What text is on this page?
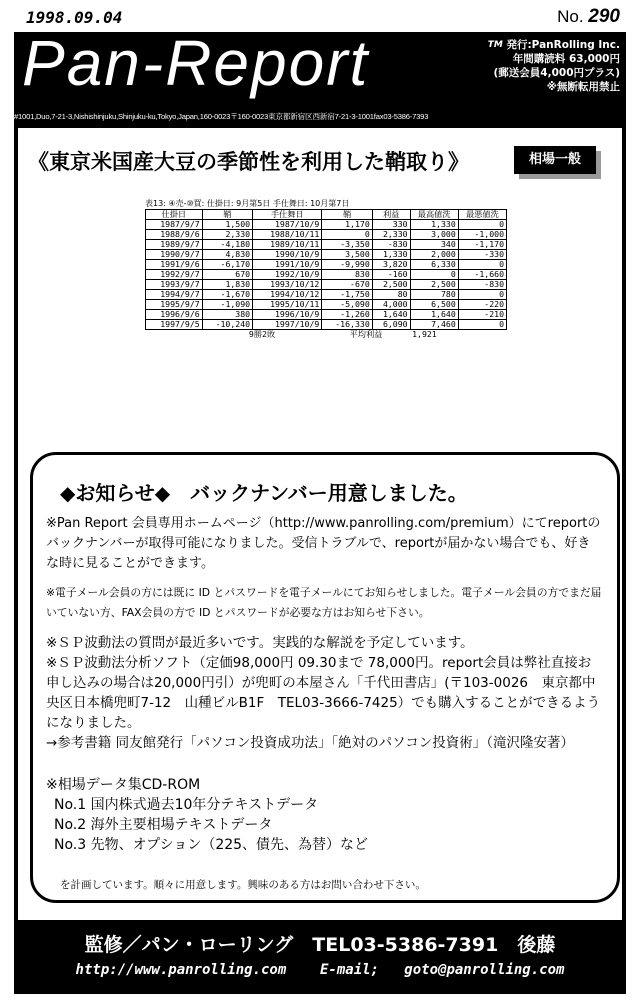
1998.09.04	No. 290
Pan-Report	TM 発行:PanRolling Inc.
年間購読料 63,000円
(郵送会員4,000円プラス)
※無断転用禁止
#1001,Duo,7-21-3,Nishishinjuku,Shinjuku-ku,Tokyo,Japan,160-0023〒160-0023東京都新宿区西新宿7-21-3-1001fax03-5386-7393
《東京米国産大豆の季節性を利用した鞘取り》	相場一般
表13: ④売-⑩買: 仕掛日: 9月第5日 手仕舞日: 10月第7日
仕掛日	鞘	手仕舞日	鞘	利益	最高値洗	最悪値洗
1987/9/7	1,500	1987/10/9	1,170	330	1,330	0
1988/9/6	2,330	1988/10/11	0	2,330	3,000	-1,000
1989/9/7	-4,180	1989/10/11	-3,350	-830	340	-1,170
1990/9/7	4,830	1990/10/9	3,500	1,330	2,000	-330
1991/9/6	-6,170	1991/10/9	-9,990	3,820	6,330	0
1992/9/7	670	1992/10/9	830	-160	0	-1,660
1993/9/7	1,830	1993/10/12	-670	2,500	2,500	-830
1994/9/7	-1,670	1994/10/12	-1,750	80	780	0
1995/9/7	-1,090	1995/10/11	-5,090	4,000	6,500	-220
1996/9/6	380	1996/10/9	-1,260	1,640	1,640	-210
1997/9/5	-10,240	1997/10/9	-16,330	6,090	7,460	0
	9勝2敗		平均利益		1,921	
◆お知らせ◆　バックナンバー用意しました。
※Pan Report 会員専用ホームページ（http://www.panrolling.com/premium）にてreportのバックナンバーが取得可能になりました。受信トラブルで、reportが届かない場合でも、好きな時に見ることができます。
※電子メール会員の方には既に ID とパスワードを電子メールにてお知らせしました。電子メール会員の方でまだ届いていない方、FAX会員の方で ID とパスワードが必要な方はお知らせ下さい。
※ＳＰ波動法の質問が最近多いです。実践的な解説を予定しています。
※ＳＰ波動法分析ソフト（定価98,000円 09.30まで 78,000円。report会員は弊社直接お申し込みの場合は20,000円引）が兜町の本屋さん「千代田書店」(〒103-0026　東京都中央区日本橋兜町7-12　山種ビルB1F　TEL03-3666-7425）でも購入することができるようになりました。
→参考書籍 同友館発行「パソコン投資成功法」「絶対のパソコン投資術」（滝沢隆安著）
※相場データ集CD-ROM
No.1 国内株式過去10年分テキストデータ
No.2 海外主要相場テキストデータ
No.3 先物、オプション（225、債先、為替）など
を計画しています。順々に用意します。興味のある方はお問い合わせ下さい。
監修／パン・ローリング　TEL03-5386-7391　後藤
http://www.panrolling.com E-mail; goto@panrolling.com
